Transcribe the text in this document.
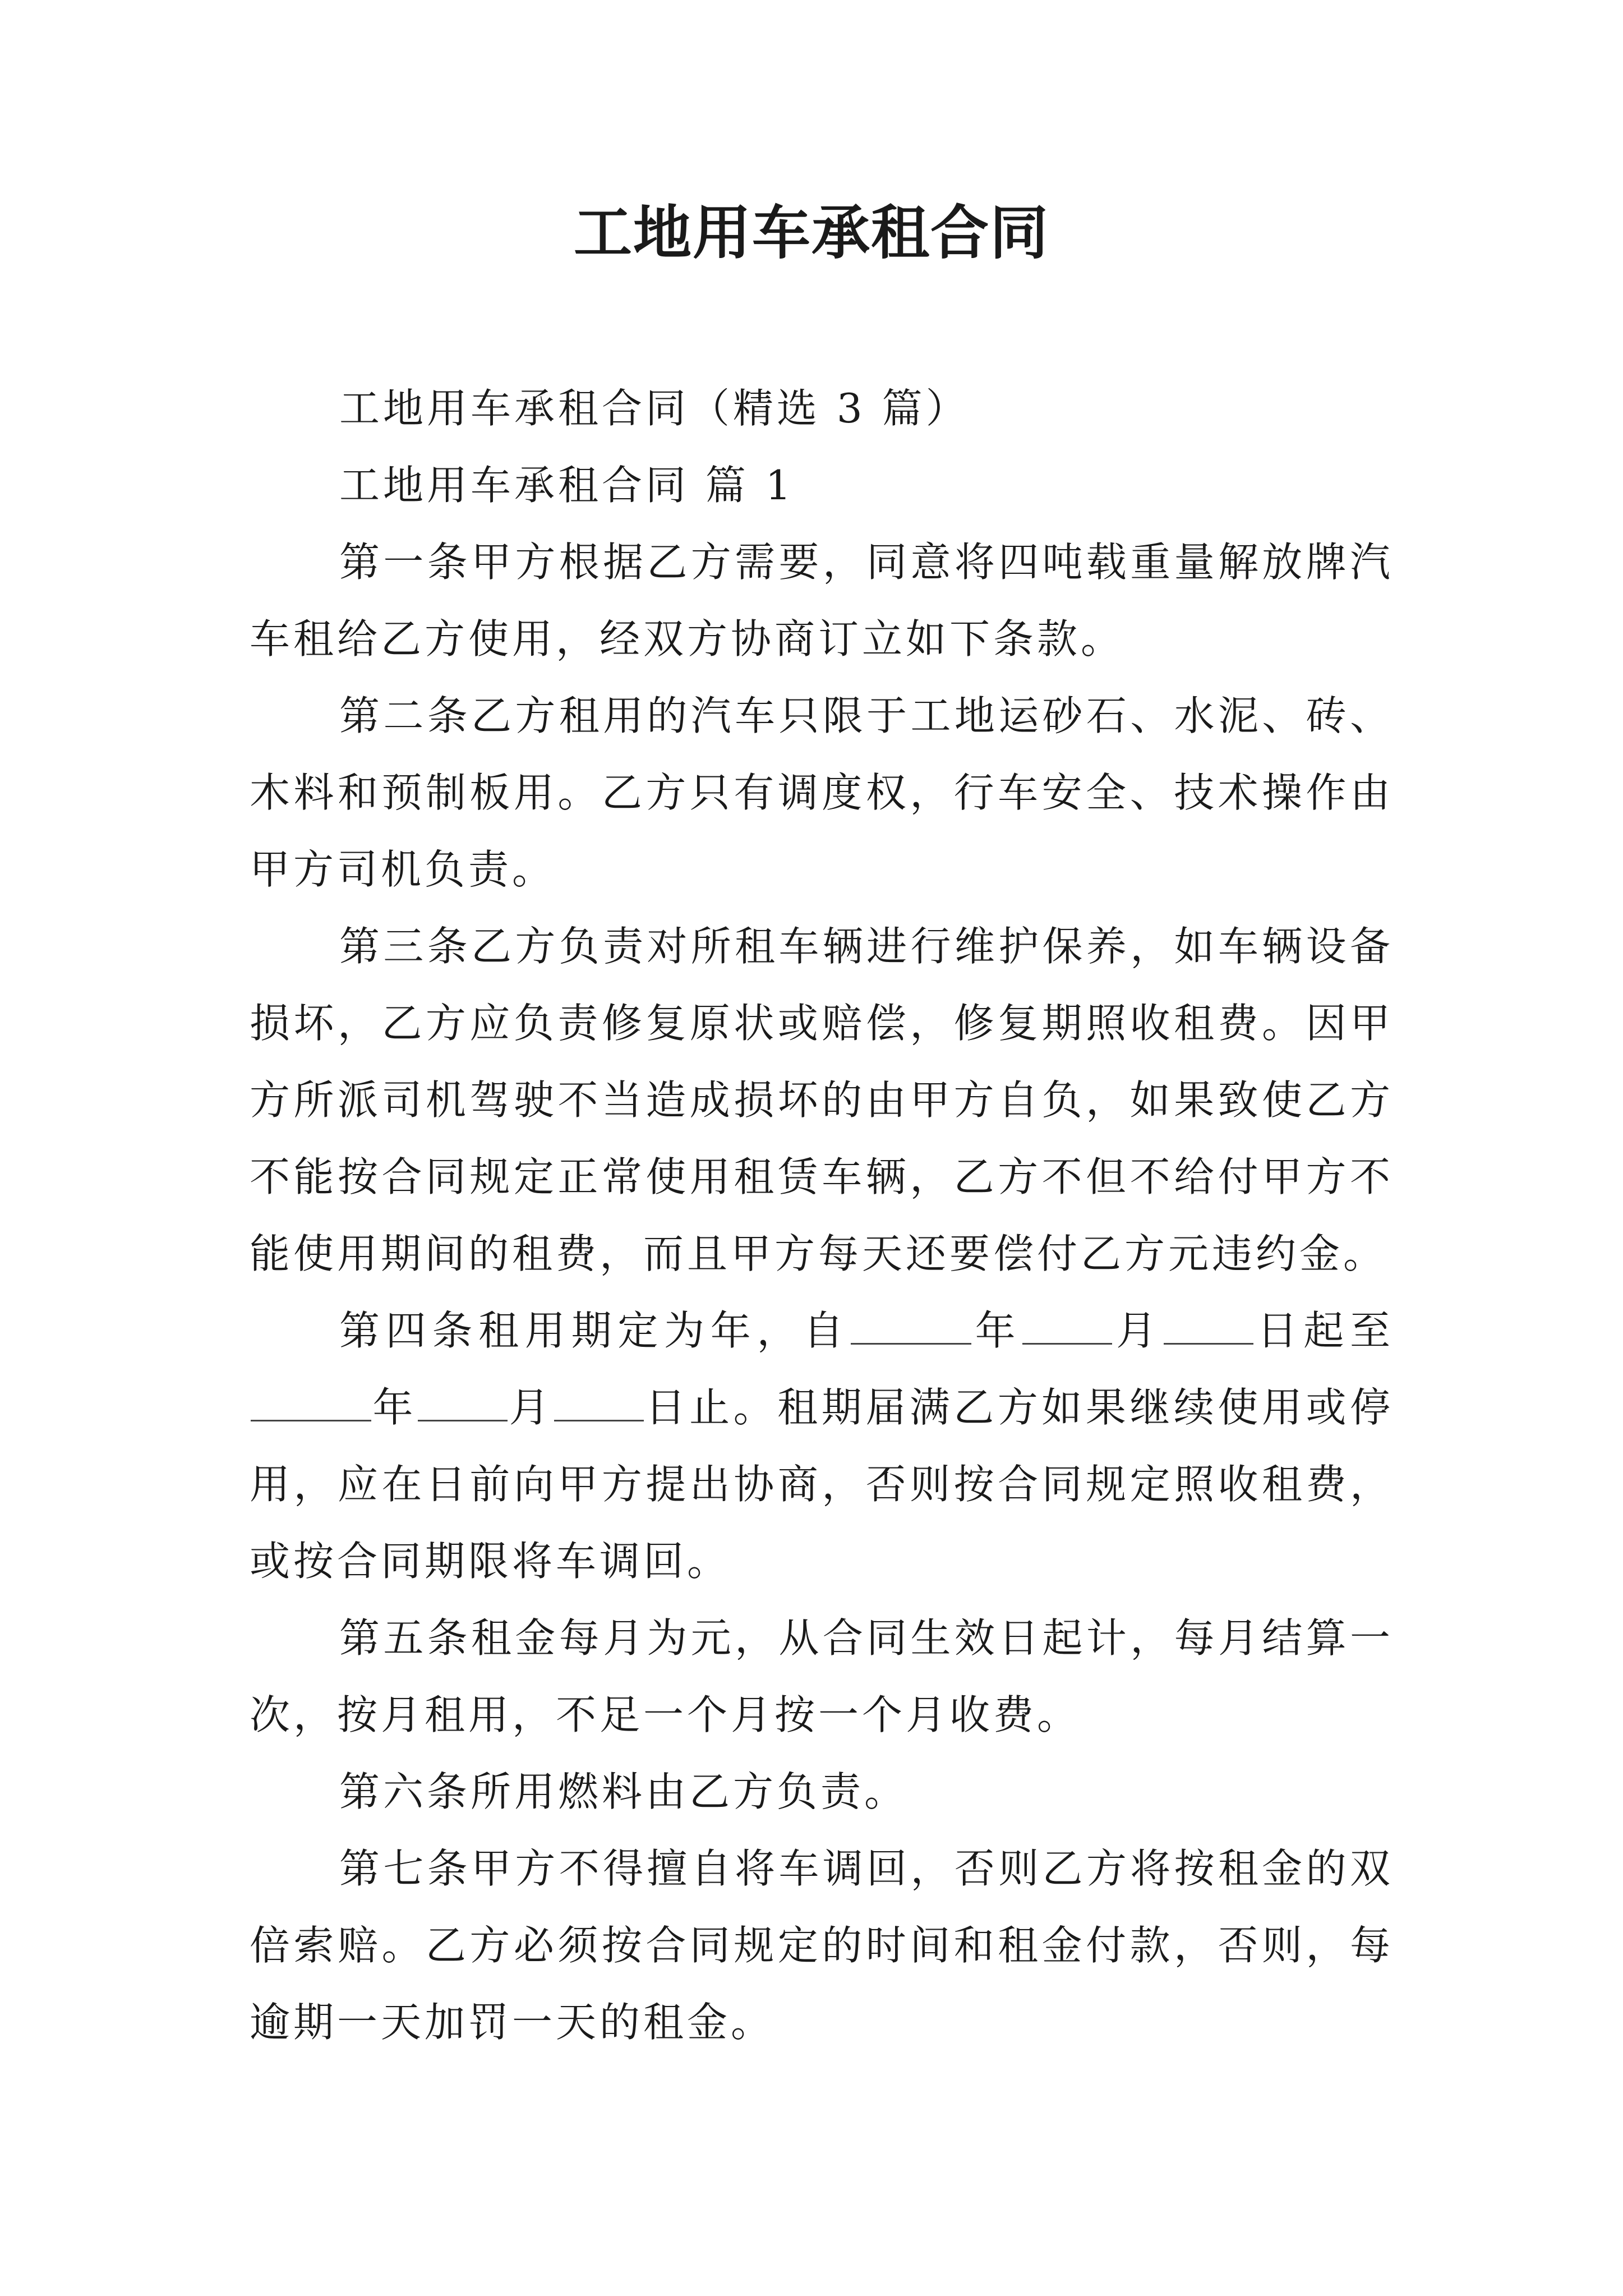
工地用车承租合同

工地用车承租合同（精选 3 篇）

工地用车承租合同 篇 1

第一条甲方根据乙方需要，同意将四吨载重量解放牌汽车租给乙方使用，经双方协商订立如下条款。

第二条乙方租用的汽车只限于工地运砂石、水泥、砖、木料和预制板用。乙方只有调度权，行车安全、技术操作由甲方司机负责。

第三条乙方负责对所租车辆进行维护保养，如车辆设备损坏，乙方应负责修复原状或赔偿，修复期照收租费。因甲方所派司机驾驶不当造成损坏的由甲方自负，如果致使乙方不能按合同规定正常使用租赁车辆，乙方不但不给付甲方不能使用期间的租费，而且甲方每天还要偿付乙方元违约金。

第四条租用期定为年，自	年 月 日起至年 月 日止。租期届满乙方如果继续使用或停用，应在日前向甲方提出协商，否则按合同规定照收租费，或按合同期限将车调回。

第五条租金每月为元，从合同生效日起计，每月结算一次，按月租用，不足一个月按一个月收费。

第六条所用燃料由乙方负责。

第七条甲方不得擅自将车调回，否则乙方将按租金的双倍索赔。乙方必须按合同规定的时间和租金付款，否则，每逾期一天加罚一天的租金。
